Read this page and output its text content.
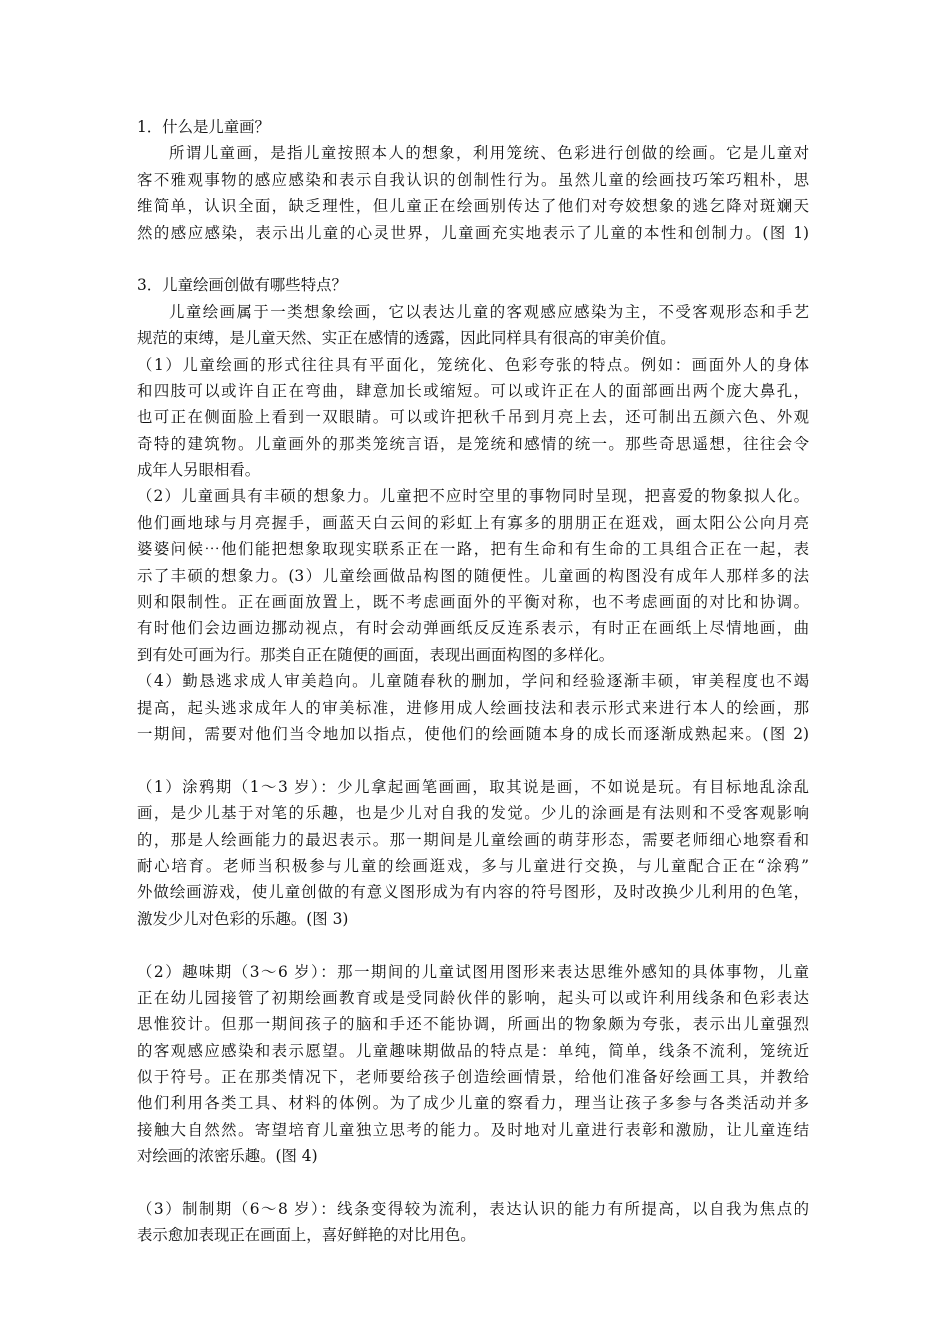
1．什么是儿童画？
所谓儿童画，是指儿童按照本人的想象，利用笼统、色彩进行创做的绘画。它是儿童对
客不雅观事物的感应感染和表示自我认识的创制性行为。虽然儿童的绘画技巧笨巧粗朴，思
维简单，认识全面，缺乏理性，但儿童正在绘画别传达了他们对夸姣想象的逃乞降对斑斓天
然的感应感染，表示出儿童的心灵世界，儿童画充实地表示了儿童的本性和创制力。(图 1)
3．儿童绘画创做有哪些特点？
儿童绘画属于一类想象绘画，它以表达儿童的客观感应感染为主，不受客观形态和手艺
规范的束缚，是儿童天然、实正在感情的透露，因此同样具有很高的审美价值。
（1）儿童绘画的形式往往具有平面化，笼统化、色彩夸张的特点。例如：画面外人的身体
和四肢可以或许自正在弯曲，肆意加长或缩短。可以或许正在人的面部画出两个庞大鼻孔，
也可正在侧面脸上看到一双眼睛。可以或许把秋千吊到月亮上去，还可制出五颜六色、外观
奇特的建筑物。儿童画外的那类笼统言语，是笼统和感情的统一。那些奇思遥想，往往会令
成年人另眼相看。
（2）儿童画具有丰硕的想象力。儿童把不应时空里的事物同时呈现，把喜爱的物象拟人化。
他们画地球与月亮握手，画蓝天白云间的彩虹上有寡多的朋朋正在逛戏，画太阳公公向月亮
婆婆问候⋯他们能把想象取现实联系正在一路，把有生命和有生命的工具组合正在一起，表
示了丰硕的想象力。(3）儿童绘画做品构图的随便性。儿童画的构图没有成年人那样多的法
则和限制性。正在画面放置上，既不考虑画面外的平衡对称，也不考虑画面的对比和协调。
有时他们会边画边挪动视点，有时会动弹画纸反反连系表示，有时正在画纸上尽情地画，曲
到有处可画为行。那类自正在随便的画面，表现出画面构图的多样化。
（4）勤恳逃求成人审美趋向。儿童随春秋的删加，学问和经验逐渐丰硕，审美程度也不竭
提高，起头逃求成年人的审美标准，进修用成人绘画技法和表示形式来进行本人的绘画，那
一期间，需要对他们当令地加以指点，使他们的绘画随本身的成长而逐渐成熟起来。(图 2)
（1）涂鸦期（1～3 岁）：少儿拿起画笔画画，取其说是画，不如说是玩。有目标地乱涂乱
画，是少儿基于对笔的乐趣，也是少儿对自我的发觉。少儿的涂画是有法则和不受客观影响
的，那是人绘画能力的最迟表示。那一期间是儿童绘画的萌芽形态，需要老师细心地察看和
耐心培育。老师当积极参与儿童的绘画逛戏，多与儿童进行交换，与儿童配合正在“涂鸦”
外做绘画游戏，使儿童创做的有意义图形成为有内容的符号图形，及时改换少儿利用的色笔，
激发少儿对色彩的乐趣。(图 3)
（2）趣味期（3～6 岁）：那一期间的儿童试图用图形来表达思维外感知的具体事物，儿童
正在幼儿园接管了初期绘画教育或是受同龄伙伴的影响，起头可以或许利用线条和色彩表达
思惟狡计。但那一期间孩子的脑和手还不能协调，所画出的物象颇为夸张，表示出儿童强烈
的客观感应感染和表示愿望。儿童趣味期做品的特点是：单纯，简单，线条不流利，笼统近
似于符号。正在那类情况下，老师要给孩子创造绘画情景，给他们准备好绘画工具，并教给
他们利用各类工具、材料的体例。为了成少儿童的察看力，理当让孩子多参与各类活动并多
接触大自然然。寄望培育儿童独立思考的能力。及时地对儿童进行表彰和激励，让儿童连结
对绘画的浓密乐趣。(图 4)
（3）制制期（6～8 岁）：线条变得较为流利，表达认识的能力有所提高，以自我为焦点的
表示愈加表现正在画面上，喜好鲜艳的对比用色。
